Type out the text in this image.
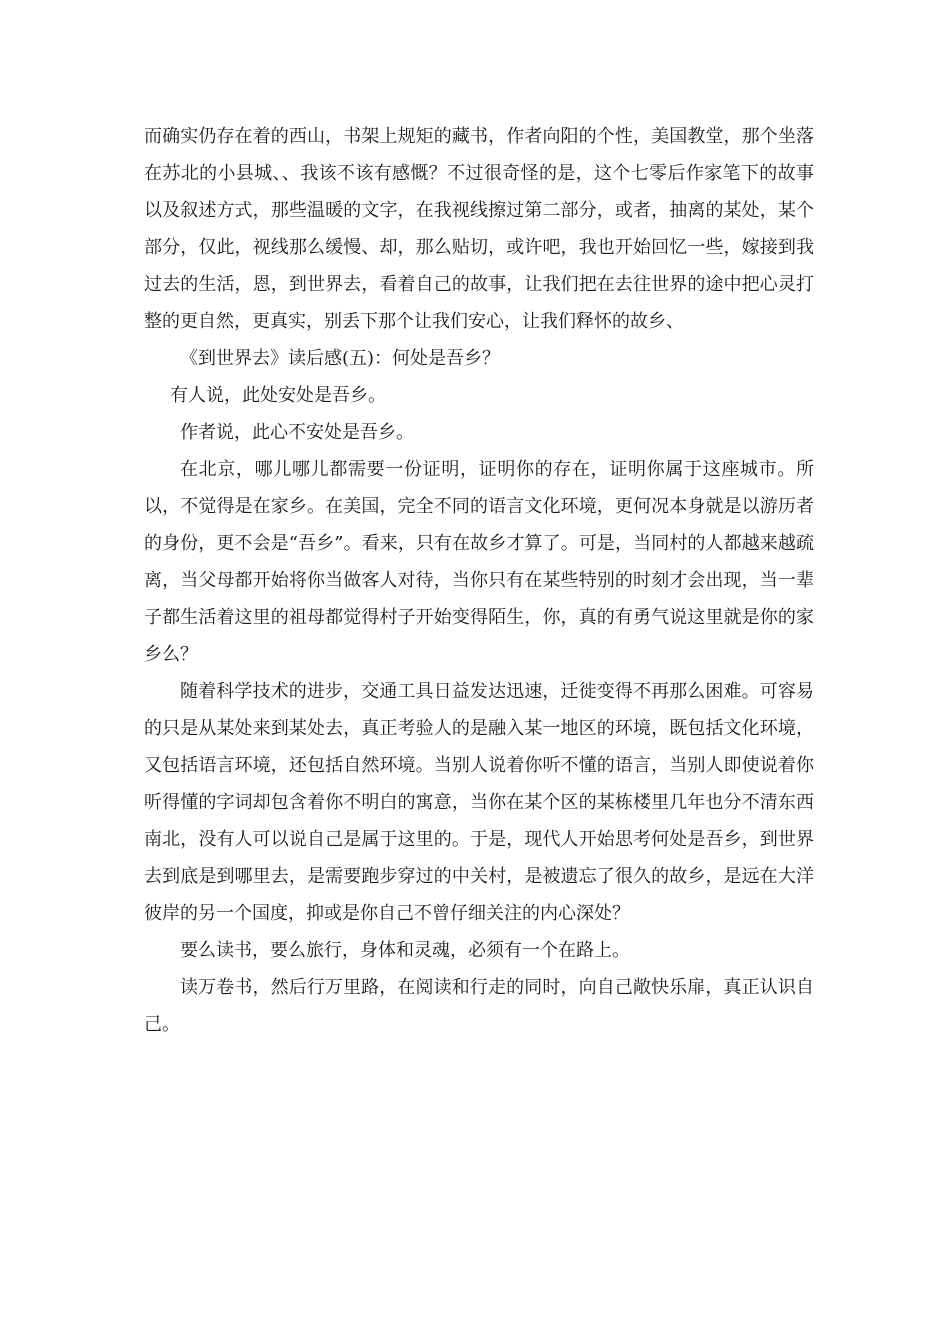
而确实仍存在着的西山，书架上规矩的藏书，作者向阳的个性，美国教堂，那个坐落在苏北的小县城、、我该不该有感慨？不过很奇怪的是，这个七零后作家笔下的故事以及叙述方式，那些温暖的文字，在我视线擦过第二部分，或者，抽离的某处，某个部分，仅此，视线那么缓慢、却，那么贴切，或许吧，我也开始回忆一些，嫁接到我过去的生活，恩，到世界去，看着自己的故事，让我们把在去往世界的途中把心灵打整的更自然，更真实，别丢下那个让我们安心，让我们释怀的故乡、

《到世界去》读后感(五)：何处是吾乡？

有人说，此处安处是吾乡。

作者说，此心不安处是吾乡。

在北京，哪儿哪儿都需要一份证明，证明你的存在，证明你属于这座城市。所以，不觉得是在家乡。在美国，完全不同的语言文化环境，更何况本身就是以游历者的身份，更不会是“吾乡”。看来，只有在故乡才算了。可是，当同村的人都越来越疏离，当父母都开始将你当做客人对待，当你只有在某些特别的时刻才会出现，当一辈子都生活着这里的祖母都觉得村子开始变得陌生，你，真的有勇气说这里就是你的家乡么？

随着科学技术的进步，交通工具日益发达迅速，迁徙变得不再那么困难。可容易的只是从某处来到某处去，真正考验人的是融入某一地区的环境，既包括文化环境，又包括语言环境，还包括自然环境。当别人说着你听不懂的语言，当别人即使说着你听得懂的字词却包含着你不明白的寓意，当你在某个区的某栋楼里几年也分不清东西南北，没有人可以说自己是属于这里的。于是，现代人开始思考何处是吾乡，到世界去到底是到哪里去，是需要跑步穿过的中关村，是被遗忘了很久的故乡，是远在大洋彼岸的另一个国度，抑或是你自己不曾仔细关注的内心深处？

要么读书，要么旅行，身体和灵魂，必须有一个在路上。

读万卷书，然后行万里路，在阅读和行走的同时，向自己敞快乐扉，真正认识自己。
